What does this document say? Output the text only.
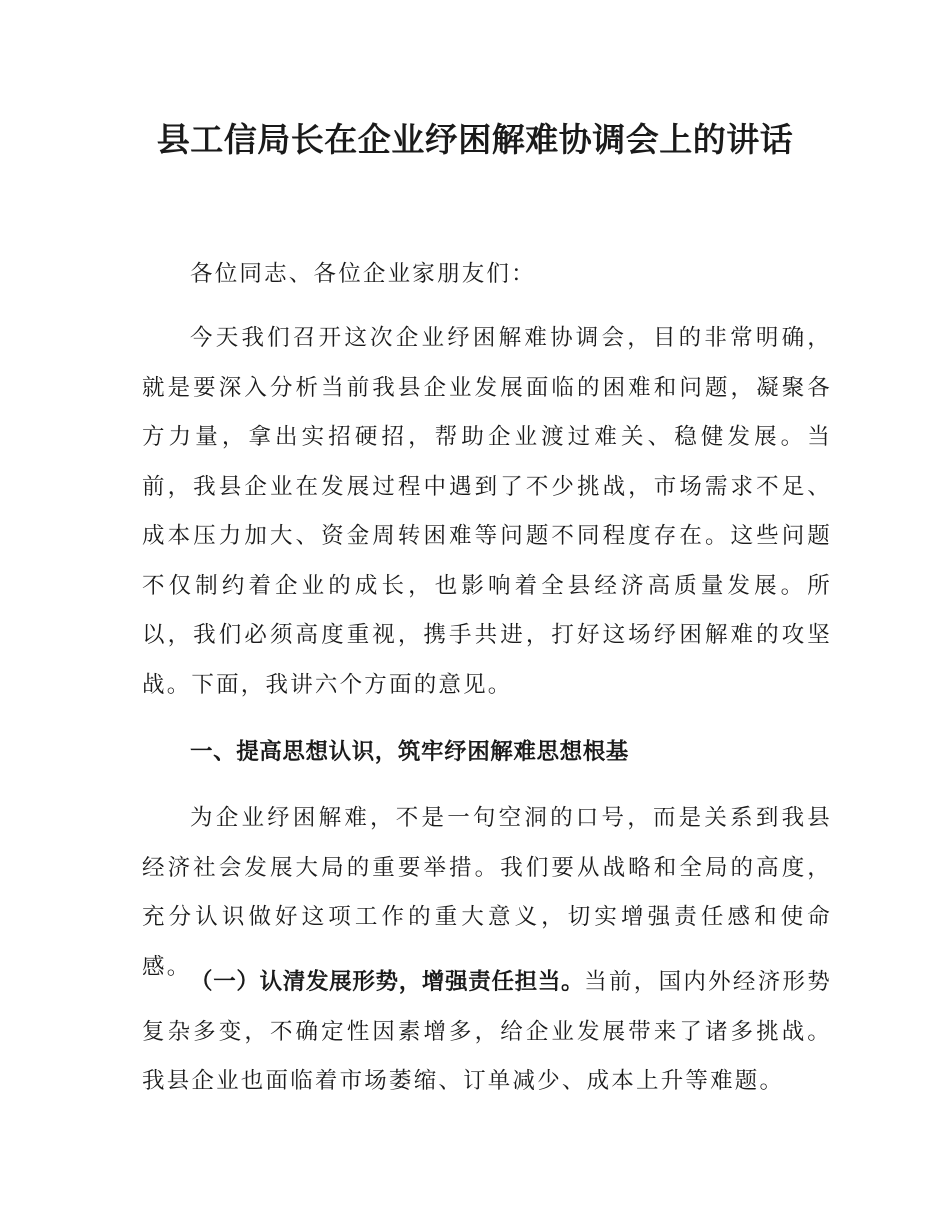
县工信局长在企业纾困解难协调会上的讲话

各位同志、各位企业家朋友们：

今天我们召开这次企业纾困解难协调会，目的非常明确，就是要深入分析当前我县企业发展面临的困难和问题，凝聚各方力量，拿出实招硬招，帮助企业渡过难关、稳健发展。当前，我县企业在发展过程中遇到了不少挑战，市场需求不足、成本压力加大、资金周转困难等问题不同程度存在。这些问题不仅制约着企业的成长，也影响着全县经济高质量发展。所以，我们必须高度重视，携手共进，打好这场纾困解难的攻坚战。下面，我讲六个方面的意见。

一、提高思想认识，筑牢纾困解难思想根基

为企业纾困解难，不是一句空洞的口号，而是关系到我县经济社会发展大局的重要举措。我们要从战略和全局的高度，充分认识做好这项工作的重大意义，切实增强责任感和使命感。

（一）认清发展形势，增强责任担当。当前，国内外经济形势复杂多变，不确定性因素增多，给企业发展带来了诸多挑战。我县企业也面临着市场萎缩、订单减少、成本上升等难题。
